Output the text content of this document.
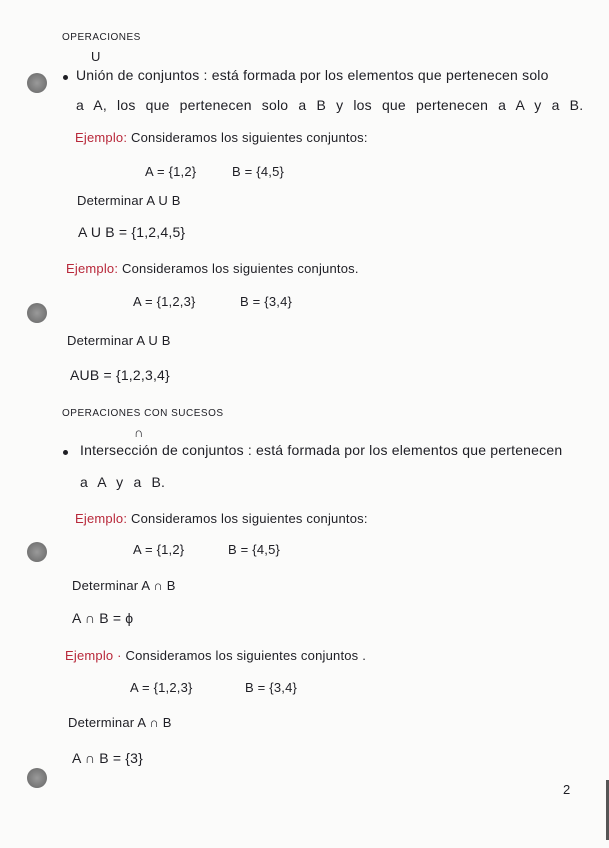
OPERACIONES
U
Unión de conjuntos : está formada por los elementos que pertenecen solo
a A, los que pertenecen solo a B y los que pertenecen a A y a B.
Ejemplo: Consideramos los siguientes conjuntos:
A = {1,2}	B = {4,5}
Determinar A U B
A U B = {1,2,4,5}
Ejemplo: Consideramos los siguientes conjuntos.
A = {1,2,3}	B = {3,4}
Determinar A U B
AUB = {1,2,3,4}
OPERACIONES CON SUCESOS
∩
Intersección de conjuntos : está formada por los elementos que pertenecen
a A y a B.
Ejemplo: Consideramos los siguientes conjuntos:
A = {1,2}	B = {4,5}
Determinar A ∩ B
A ∩ B = ϕ
Ejemplo · Consideramos los siguientes conjuntos .
A = {1,2,3}	B = {3,4}
Determinar A ∩ B
A ∩ B = {3}
2
